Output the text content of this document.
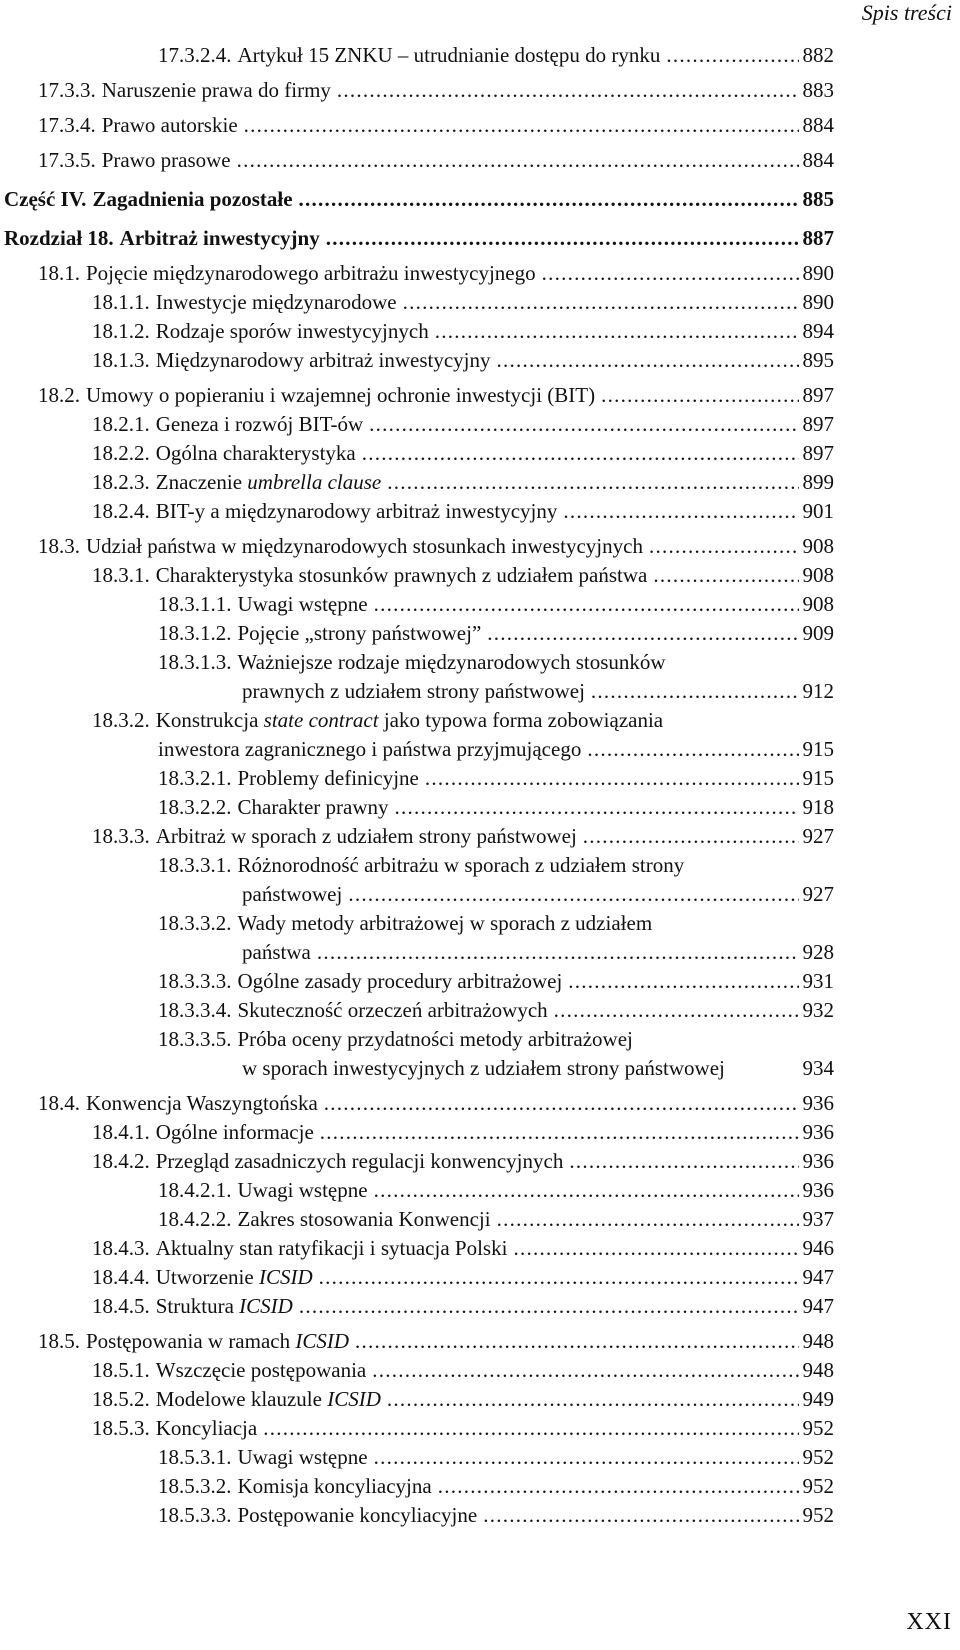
Spis treści
17.3.2.4. Artykuł 15 ZNKU – utrudnianie dostępu do rynku . . .	882
17.3.3. Naruszenie prawa do firmy . . .	883
17.3.4. Prawo autorskie . . .	884
17.3.5. Prawo prasowe . . .	884
Część IV. Zagadnienia pozostałe . . .	885
Rozdział 18. Arbitraż inwestycyjny . . .	887
18.1. Pojęcie międzynarodowego arbitrażu inwestycyjnego . . .	890
18.1.1. Inwestycje międzynarodowe . . .	890
18.1.2. Rodzaje sporów inwestycyjnych . . .	894
18.1.3. Międzynarodowy arbitraż inwestycyjny . . .	895
18.2. Umowy o popieraniu i wzajemnej ochronie inwestycji (BIT) . . .	897
18.2.1. Geneza i rozwój BIT-ów . . .	897
18.2.2. Ogólna charakterystyka . . .	897
18.2.3. Znaczenie umbrella clause . . .	899
18.2.4. BIT-y a międzynarodowy arbitraż inwestycyjny . . .	901
18.3. Udział państwa w międzynarodowych stosunkach inwestycyjnych . . .	908
18.3.1. Charakterystyka stosunków prawnych z udziałem państwa . . .	908
18.3.1.1. Uwagi wstępne . . .	908
18.3.1.2. Pojęcie „strony państwowej” . . .	909
18.3.1.3. Ważniejsze rodzaje międzynarodowych stosunków
prawnych z udziałem strony państwowej . . .	912
18.3.2. Konstrukcja state contract jako typowa forma zobowiązania
inwestora zagranicznego i państwa przyjmującego . . .	915
18.3.2.1. Problemy definicyjne . . .	915
18.3.2.2. Charakter prawny . . .	918
18.3.3. Arbitraż w sporach z udziałem strony państwowej . . .	927
18.3.3.1. Różnorodność arbitrażu w sporach z udziałem strony
państwowej . . .	927
18.3.3.2. Wady metody arbitrażowej w sporach z udziałem
państwa . . .	928
18.3.3.3. Ogólne zasady procedury arbitrażowej . . .	931
18.3.3.4. Skuteczność orzeczeń arbitrażowych . . .	932
18.3.3.5. Próba oceny przydatności metody arbitrażowej
w sporach inwestycyjnych z udziałem strony państwowej	934
18.4. Konwencja Waszyngtońska . . .	936
18.4.1. Ogólne informacje . . .	936
18.4.2. Przegląd zasadniczych regulacji konwencyjnych . . .	936
18.4.2.1. Uwagi wstępne . . .	936
18.4.2.2. Zakres stosowania Konwencji . . .	937
18.4.3. Aktualny stan ratyfikacji i sytuacja Polski . . .	946
18.4.4. Utworzenie ICSID . . .	947
18.4.5. Struktura ICSID . . .	947
18.5. Postępowania w ramach ICSID . . .	948
18.5.1. Wszczęcie postępowania . . .	948
18.5.2. Modelowe klauzule ICSID . . .	949
18.5.3. Koncyliacja . . .	952
18.5.3.1. Uwagi wstępne . . .	952
18.5.3.2. Komisja koncyliacyjna . . .	952
18.5.3.3. Postępowanie koncyliacyjne . . .	952
XXI
